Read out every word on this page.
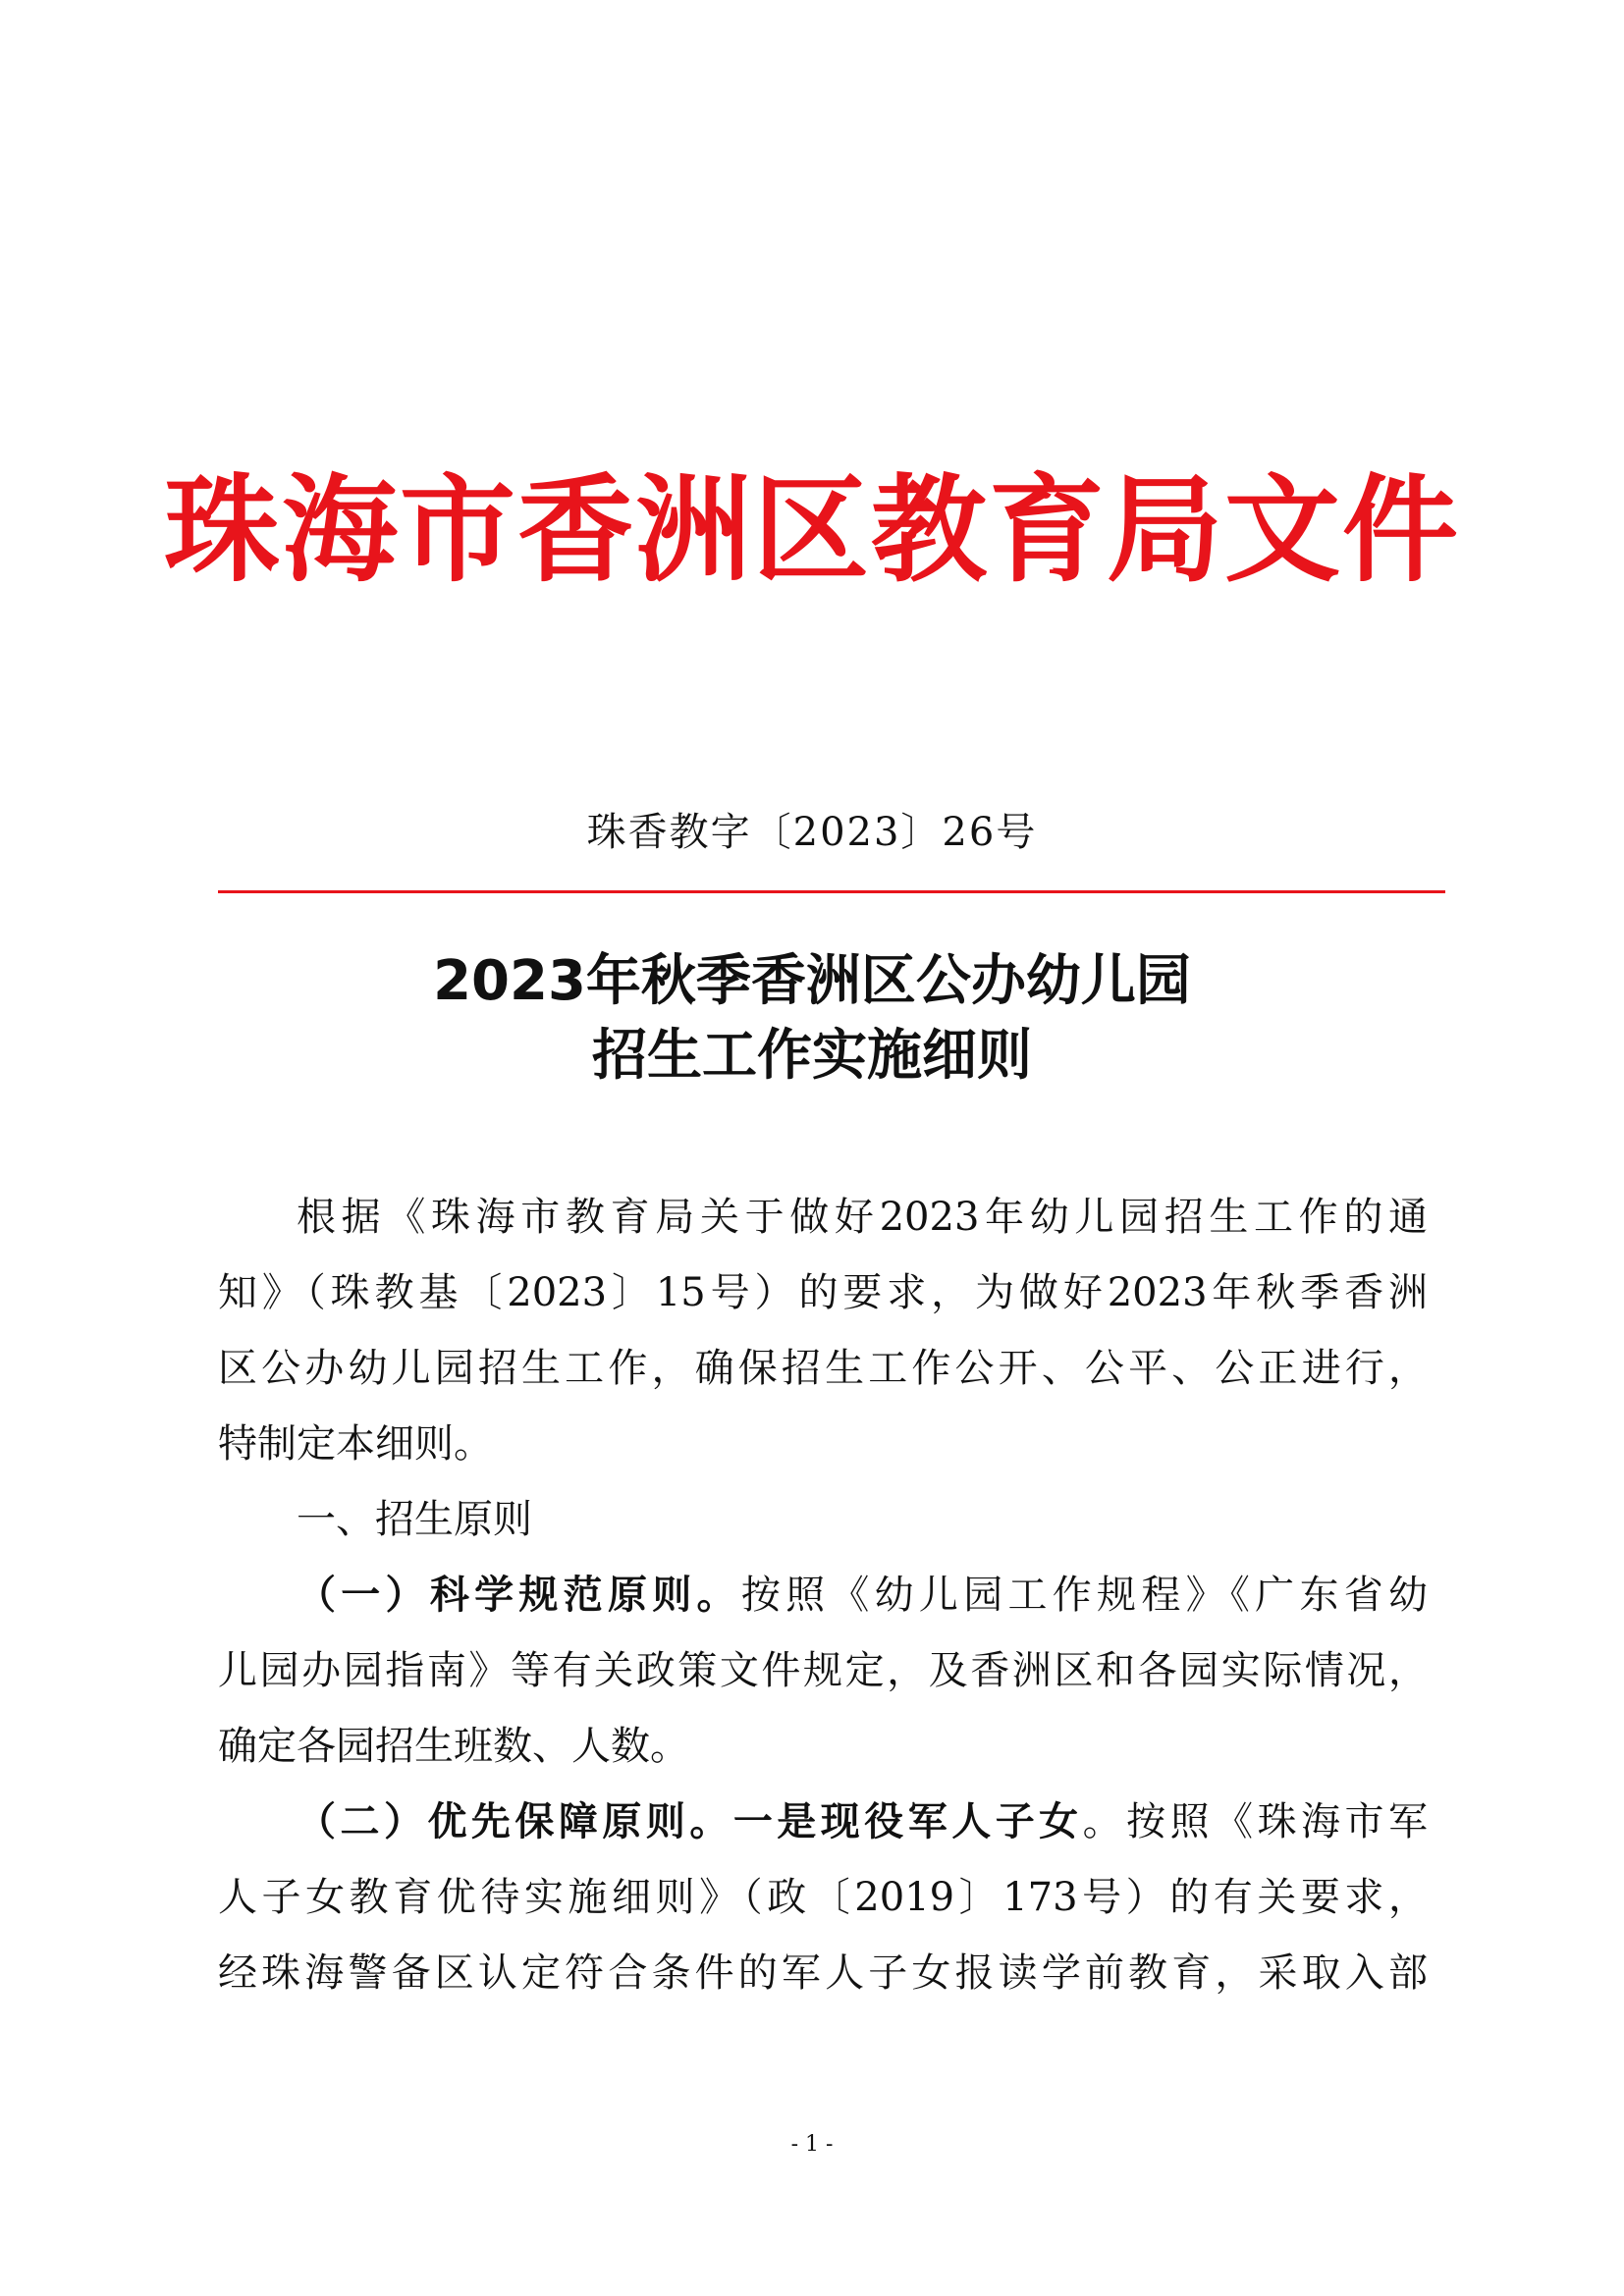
珠海市香洲区教育局文件
珠香教字〔2023〕26号
2023年秋季香洲区公办幼儿园
招生工作实施细则
根据《珠海市教育局关于做好2023年幼儿园招生工作的通
知》（珠教基〔2023〕15号）的要求，为做好2023年秋季香洲
区公办幼儿园招生工作，确保招生工作公开、公平、公正进行，
特制定本细则。
一、招生原则
（一）科学规范原则。按照《幼儿园工作规程》《广东省幼
儿园办园指南》等有关政策文件规定，及香洲区和各园实际情况，
确定各园招生班数、人数。
（二）优先保障原则。一是现役军人子女。按照《珠海市军
人子女教育优待实施细则》（政〔2019〕173号）的有关要求，
经珠海警备区认定符合条件的军人子女报读学前教育，采取入部
- 1 -
